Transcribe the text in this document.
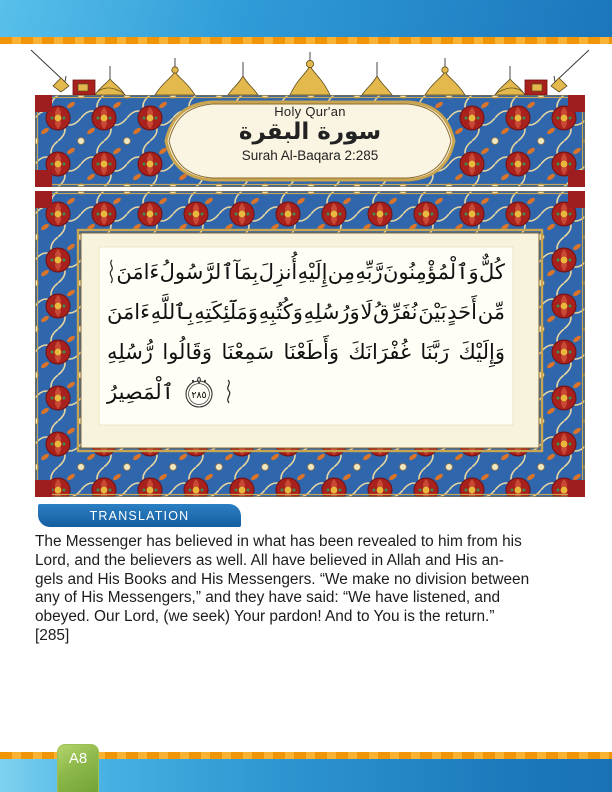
Holy Qur'an
سورة البقرة
Surah Al-Baqara 2:285
ءَامَنَ ٱلرَّسُولُ بِمَآ أُنزِلَ إِلَيْهِ مِن رَّبِّهِ وَٱلْمُؤْمِنُونَ كُلٌّ
ءَامَنَ بِٱللَّهِ وَمَلَٓئِكَتِهِ وَكُتُبِهِ وَرُسُلِهِ لَا نُفَرِّقُ بَيْنَ أَحَدٍ مِّن
رُّسُلِهِ وَقَالُوا سَمِعْنَا وَأَطَعْنَا غُفْرَانَكَ رَبَّنَا وَإِلَيْكَ
ٱلْمَصِيرُ ٢٨٥
TRANSLATION
The Messenger has believed in what has been revealed to him from his
Lord, and the believers as well. All have believed in Allah and His an-
gels and His Books and His Messengers. “We make no division between
any of His Messengers,” and they have said: “We have listened, and
obeyed. Our Lord, (we seek) Your pardon! And to You is the return.”
[285]
A8
